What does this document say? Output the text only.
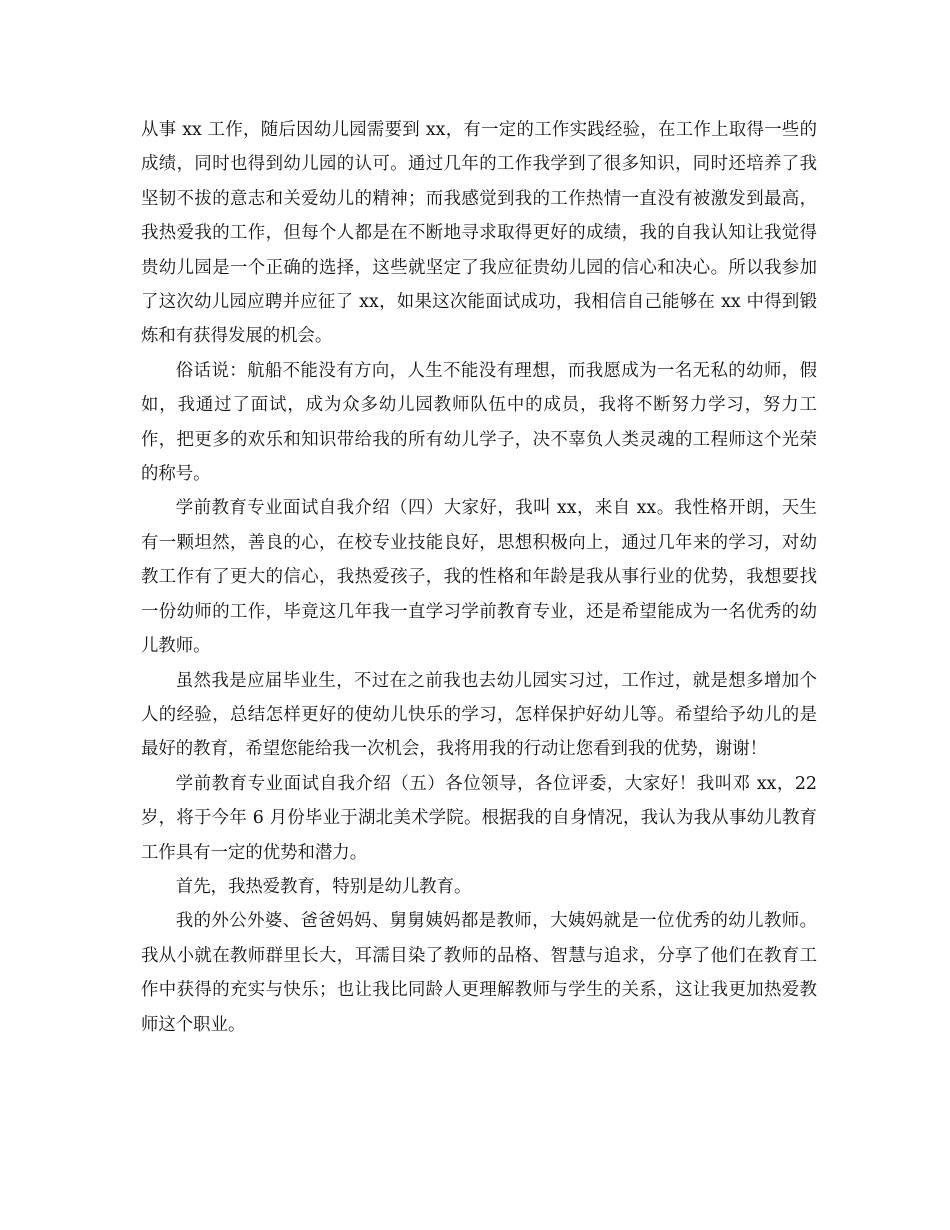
从事 xx 工作，随后因幼儿园需要到 xx，有一定的工作实践经验，在工作上取得一些的成绩，同时也得到幼儿园的认可。通过几年的工作我学到了很多知识，同时还培养了我坚韧不拔的意志和关爱幼儿的精神；而我感觉到我的工作热情一直没有被激发到最高，我热爱我的工作，但每个人都是在不断地寻求取得更好的成绩，我的自我认知让我觉得贵幼儿园是一个正确的选择，这些就坚定了我应征贵幼儿园的信心和决心。所以我参加了这次幼儿园应聘并应征了 xx，如果这次能面试成功，我相信自己能够在 xx 中得到锻炼和有获得发展的机会。

俗话说：航船不能没有方向，人生不能没有理想，而我愿成为一名无私的幼师，假如，我通过了面试，成为众多幼儿园教师队伍中的成员，我将不断努力学习，努力工作，把更多的欢乐和知识带给我的所有幼儿学子，决不辜负人类灵魂的工程师这个光荣的称号。

学前教育专业面试自我介绍（四）大家好，我叫 xx，来自 xx。我性格开朗，天生有一颗坦然，善良的心，在校专业技能良好，思想积极向上，通过几年来的学习，对幼教工作有了更大的信心，我热爱孩子，我的性格和年龄是我从事行业的优势，我想要找一份幼师的工作，毕竟这几年我一直学习学前教育专业，还是希望能成为一名优秀的幼儿教师。

虽然我是应届毕业生，不过在之前我也去幼儿园实习过，工作过，就是想多增加个人的经验，总结怎样更好的使幼儿快乐的学习，怎样保护好幼儿等。希望给予幼儿的是最好的教育，希望您能给我一次机会，我将用我的行动让您看到我的优势，谢谢！

学前教育专业面试自我介绍（五）各位领导，各位评委，大家好！我叫邓 xx，22 岁，将于今年 6 月份毕业于湖北美术学院。根据我的自身情况，我认为我从事幼儿教育工作具有一定的优势和潜力。

首先，我热爱教育，特别是幼儿教育。

我的外公外婆、爸爸妈妈、舅舅姨妈都是教师，大姨妈就是一位优秀的幼儿教师。我从小就在教师群里长大，耳濡目染了教师的品格、智慧与追求，分享了他们在教育工作中获得的充实与快乐；也让我比同龄人更理解教师与学生的关系，这让我更加热爱教师这个职业。
